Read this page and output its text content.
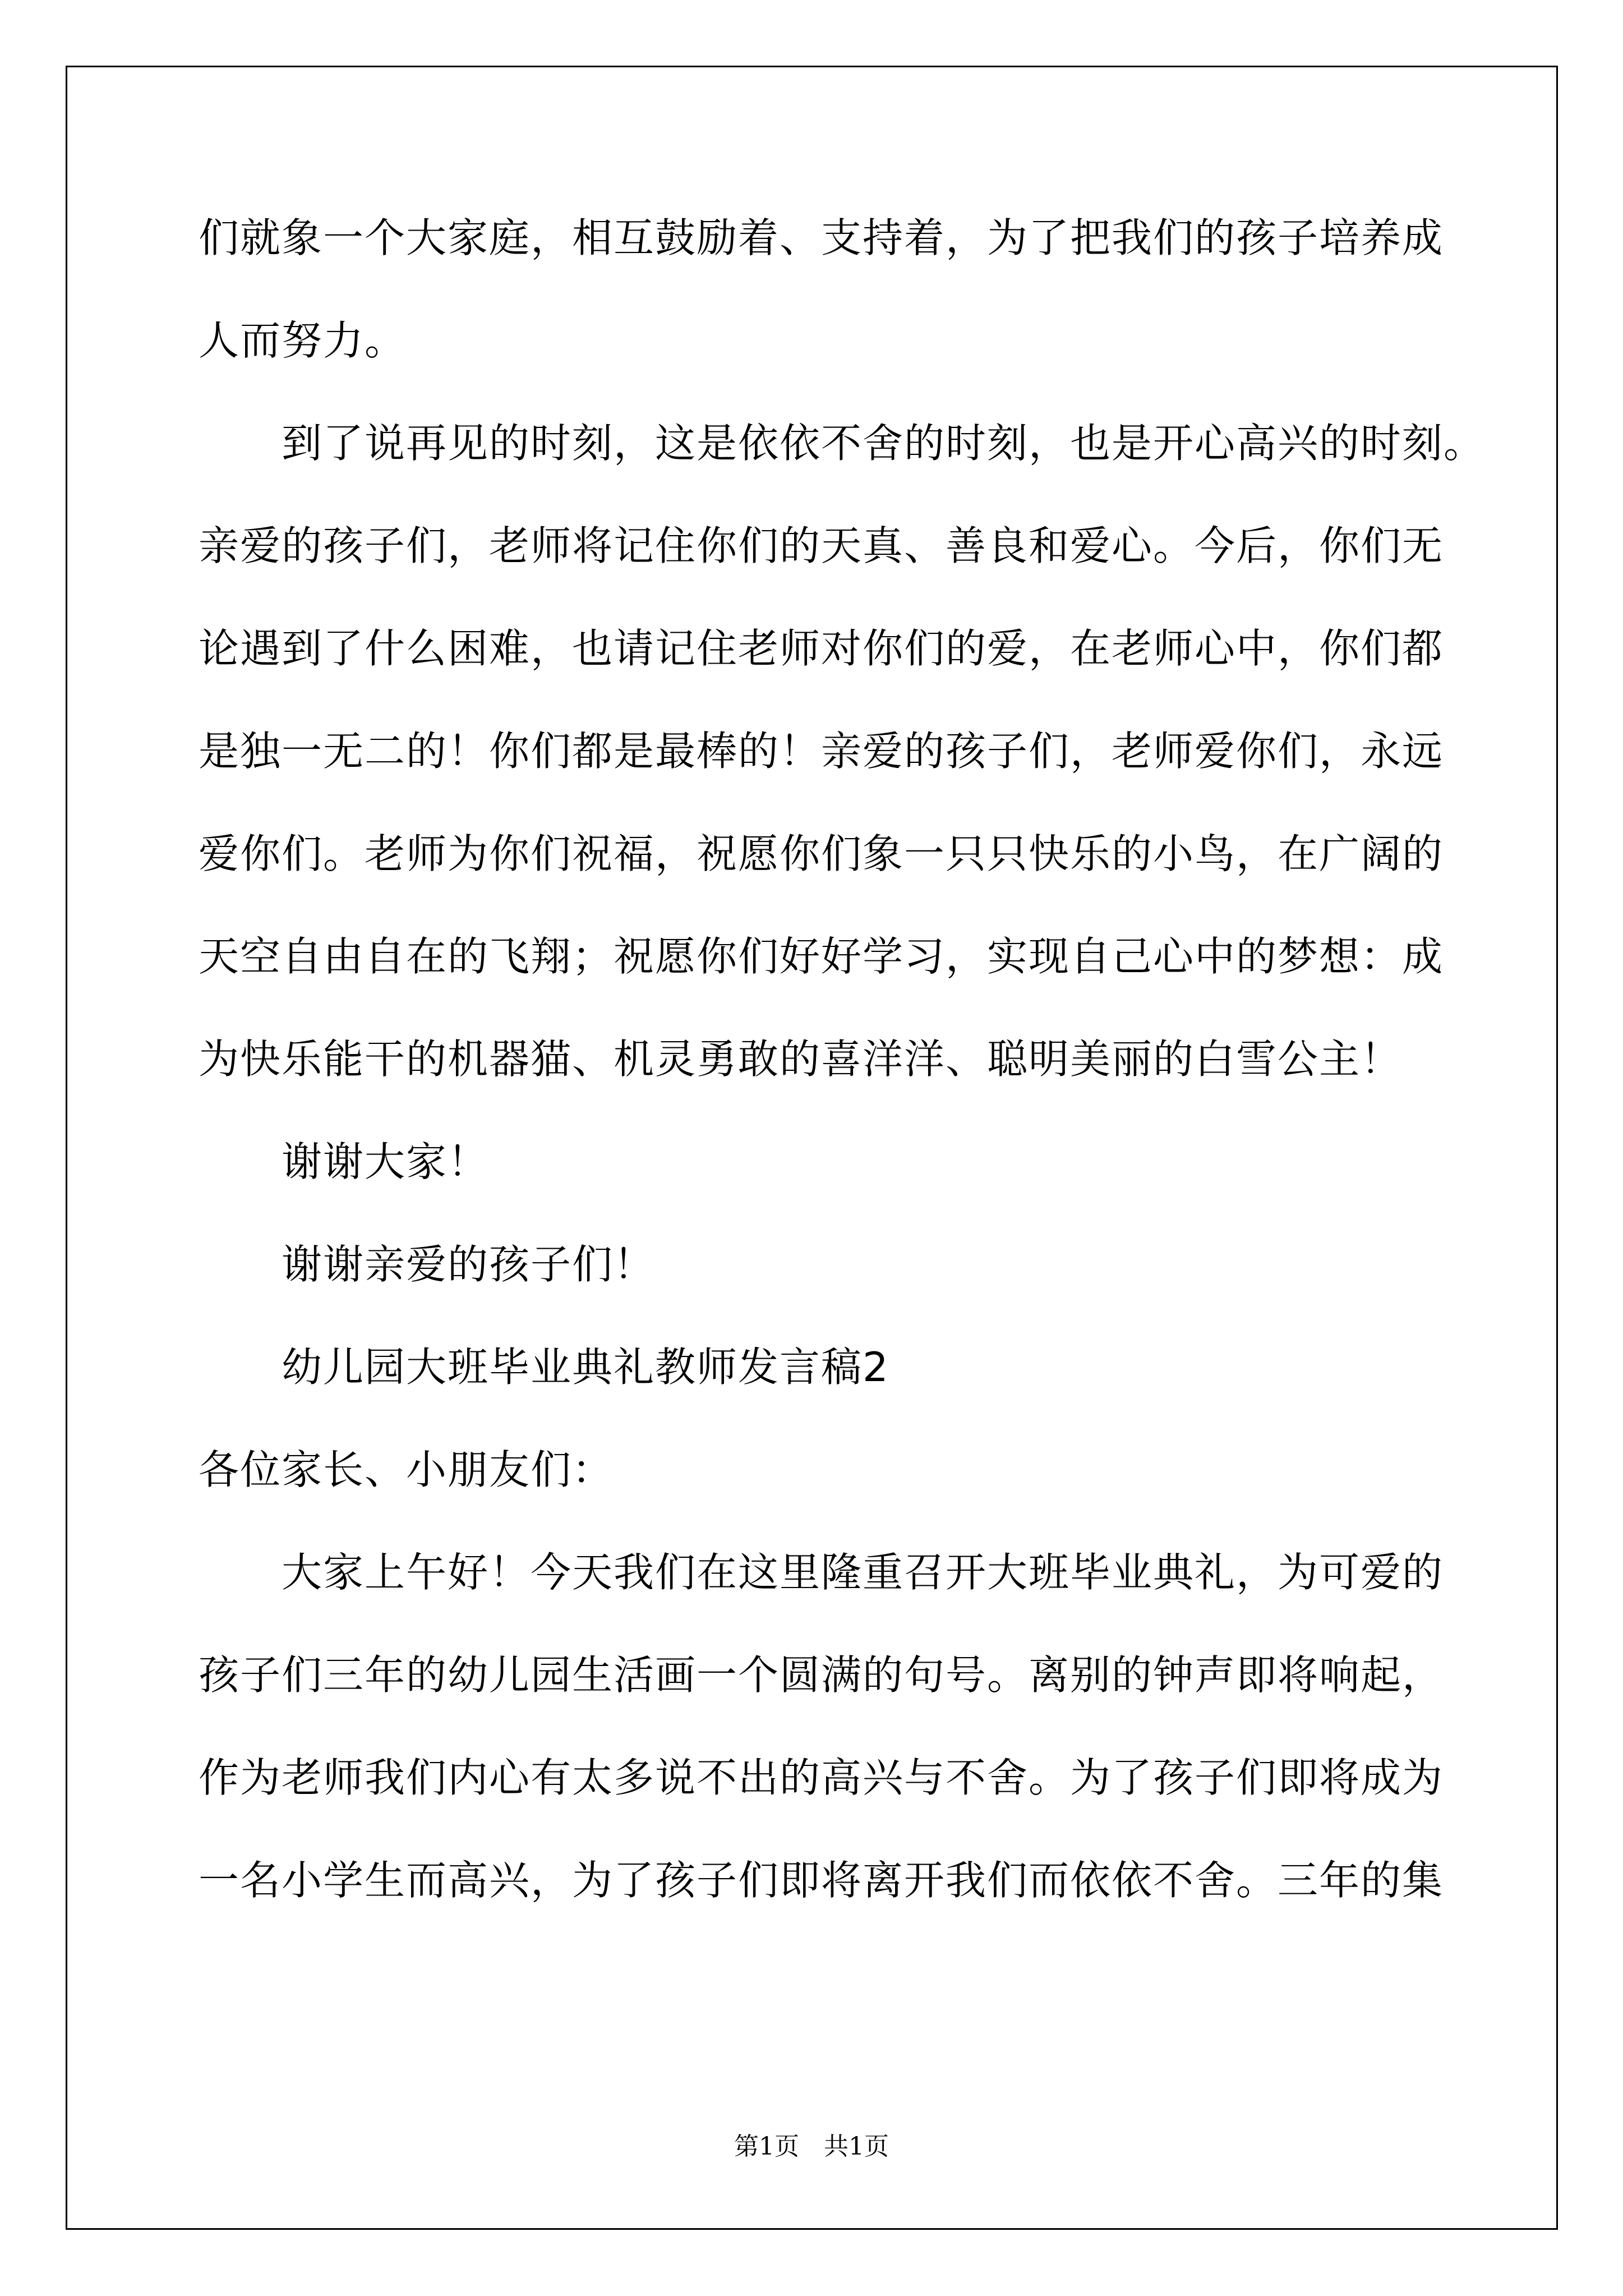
们就象一个大家庭，相互鼓励着、支持着，为了把我们的孩子培养成
人而努力。
到了说再见的时刻，这是依依不舍的时刻，也是开心高兴的时刻。
亲爱的孩子们，老师将记住你们的天真、善良和爱心。今后，你们无
论遇到了什么困难，也请记住老师对你们的爱，在老师心中，你们都
是独一无二的！你们都是最棒的！亲爱的孩子们，老师爱你们，永远
爱你们。老师为你们祝福，祝愿你们象一只只快乐的小鸟，在广阔的
天空自由自在的飞翔；祝愿你们好好学习，实现自己心中的梦想：成
为快乐能干的机器猫、机灵勇敢的喜洋洋、聪明美丽的白雪公主！
谢谢大家！
谢谢亲爱的孩子们！
幼儿园大班毕业典礼教师发言稿2
各位家长、小朋友们：
大家上午好！今天我们在这里隆重召开大班毕业典礼，为可爱的
孩子们三年的幼儿园生活画一个圆满的句号。离别的钟声即将响起，
作为老师我们内心有太多说不出的高兴与不舍。为了孩子们即将成为
一名小学生而高兴，为了孩子们即将离开我们而依依不舍。三年的集
第1页　共1页
